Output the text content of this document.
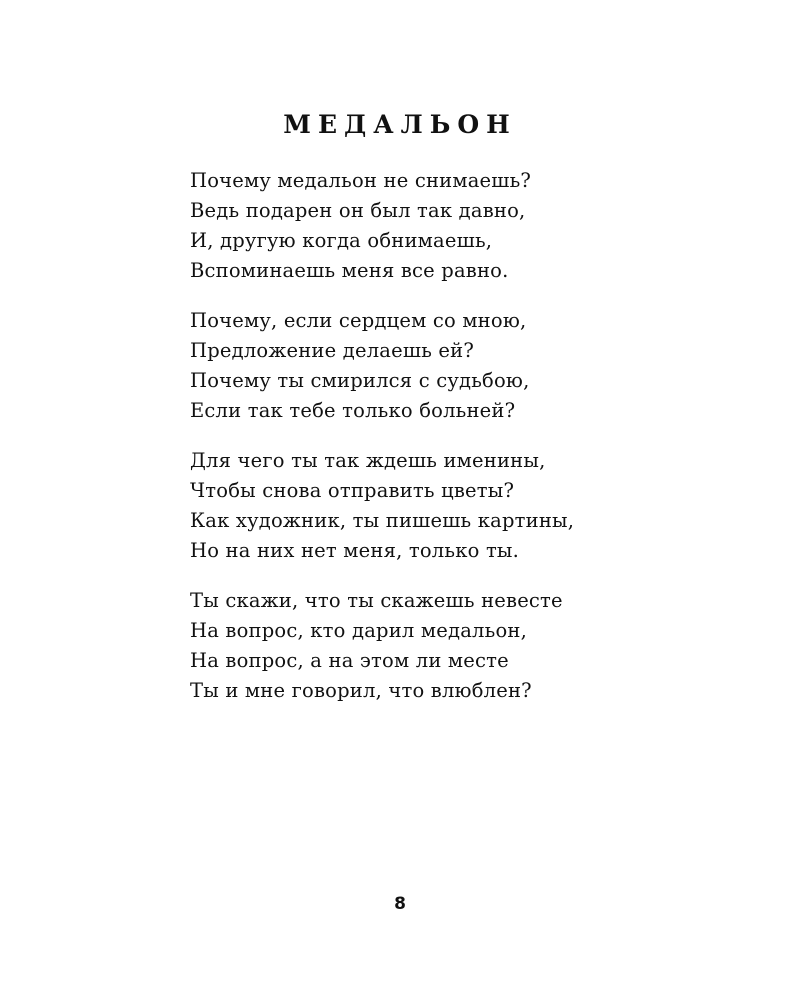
МЕДАЛЬОН
Почему медальон не снимаешь?
Ведь подарен он был так давно,
И, другую когда обнимаешь,
Вспоминаешь меня все равно.
Почему, если сердцем со мною,
Предложение делаешь ей?
Почему ты смирился с судьбою,
Если так тебе только больней?
Для чего ты так ждешь именины,
Чтобы снова отправить цветы?
Как художник, ты пишешь картины,
Но на них нет меня, только ты.
Ты скажи, что ты скажешь невесте
На вопрос, кто дарил медальон,
На вопрос, а на этом ли месте
Ты и мне говорил, что влюблен?
8
